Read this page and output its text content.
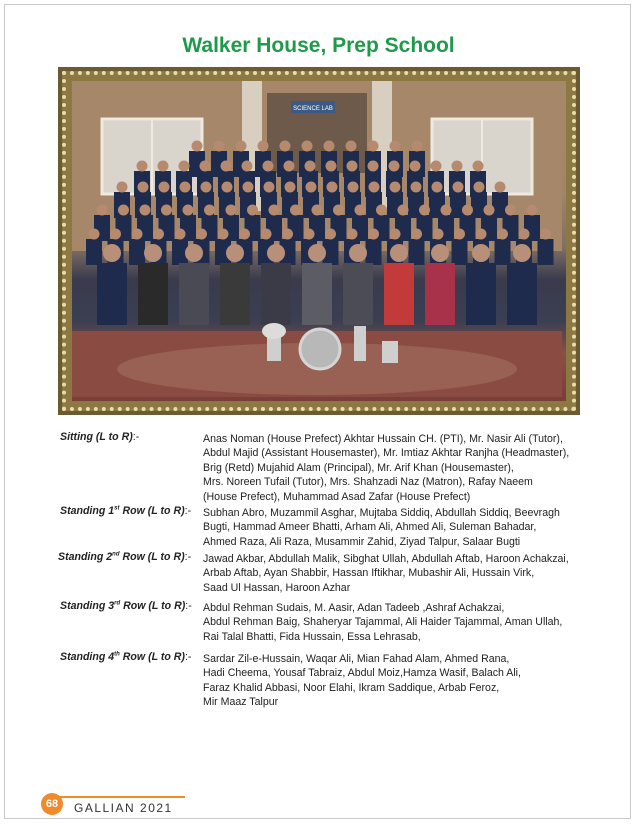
Walker House, Prep School
SCIENCE LAB
Sitting (L to R):-	Anas Noman (House Prefect) Akhtar Hussain CH. (PTI), Mr. Nasir Ali (Tutor),
Abdul Majid (Assistant Housemaster), Mr. Imtiaz Akhtar Ranjha (Headmaster),
Brig (Retd) Mujahid Alam (Principal), Mr. Arif Khan (Housemaster),
Mrs. Noreen Tufail (Tutor), Mrs. Shahzadi Naz (Matron), Rafay Naeem
(House Prefect), Muhammad Asad Zafar (House Prefect)
Standing 1st Row (L to R):- Subhan Abro, Muzammil Asghar, Mujtaba Siddiq, Abdullah Siddiq, Beevragh
Bugti, Hammad Ameer Bhatti, Arham Ali, Ahmed Ali, Suleman Bahadar,
Ahmed Raza, Ali Raza, Musammir Zahid, Ziyad Talpur, Salaar Bugti
Standing 2nd Row (L to R):- Jawad Akbar, Abdullah Malik, Sibghat Ullah, Abdullah Aftab, Haroon Achakzai,
Arbab Aftab, Ayan Shabbir, Hassan Iftikhar, Mubashir Ali, Hussain Virk,
Saad Ul Hassan, Haroon Azhar
Standing 3rd Row (L to R):- Abdul Rehman Sudais, M. Aasir, Adan Tadeeb ,Ashraf Achakzai,
Abdul Rehman Baig, Shaheryar Tajammal, Ali Haider Tajammal, Aman Ullah,
Rai Talal Bhatti, Fida Hussain, Essa Lehrasab,
Standing 4th Row (L to R):- Sardar Zil-e-Hussain, Waqar Ali, Mian Fahad Alam, Ahmed Rana,
Hadi Cheema, Yousaf Tabraiz, Abdul Moiz,Hamza Wasif, Balach Ali,
Faraz Khalid Abbasi, Noor Elahi, Ikram Saddique, Arbab Feroz,
Mir Maaz Talpur
68	GALLIAN 2021
